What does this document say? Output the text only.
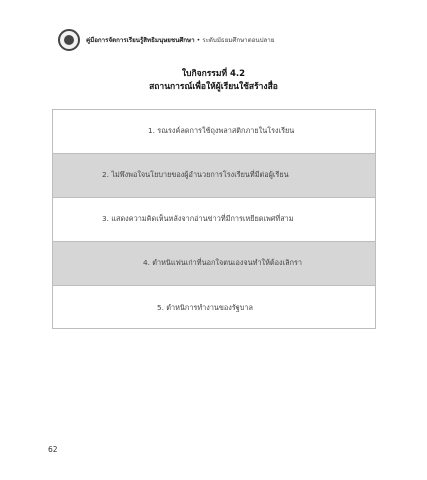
คู่มือการจัดการเรียนรู้สิทธิมนุษยชนศึกษา • ระดับมัธยมศึกษาตอนปลาย
ใบกิจกรรมที่ 4.2
สถานการณ์เพื่อให้ผู้เรียนใช้สร้างสื่อ
1. รณรงค์ลดการใช้ถุงพลาสติกภายในโรงเรียน
2. ไม่พึงพอใจนโยบายของผู้อำนวยการโรงเรียนที่มีต่อผู้เรียน
3. แสดงความคิดเห็นหลังจากอ่านข่าวที่มีการเหยียดเพศที่สาม
4. ตำหนิแฟนเก่าที่นอกใจตนเองจนทำให้ต้องเลิกรา
5. ตำหนิการทำงานของรัฐบาล
62
